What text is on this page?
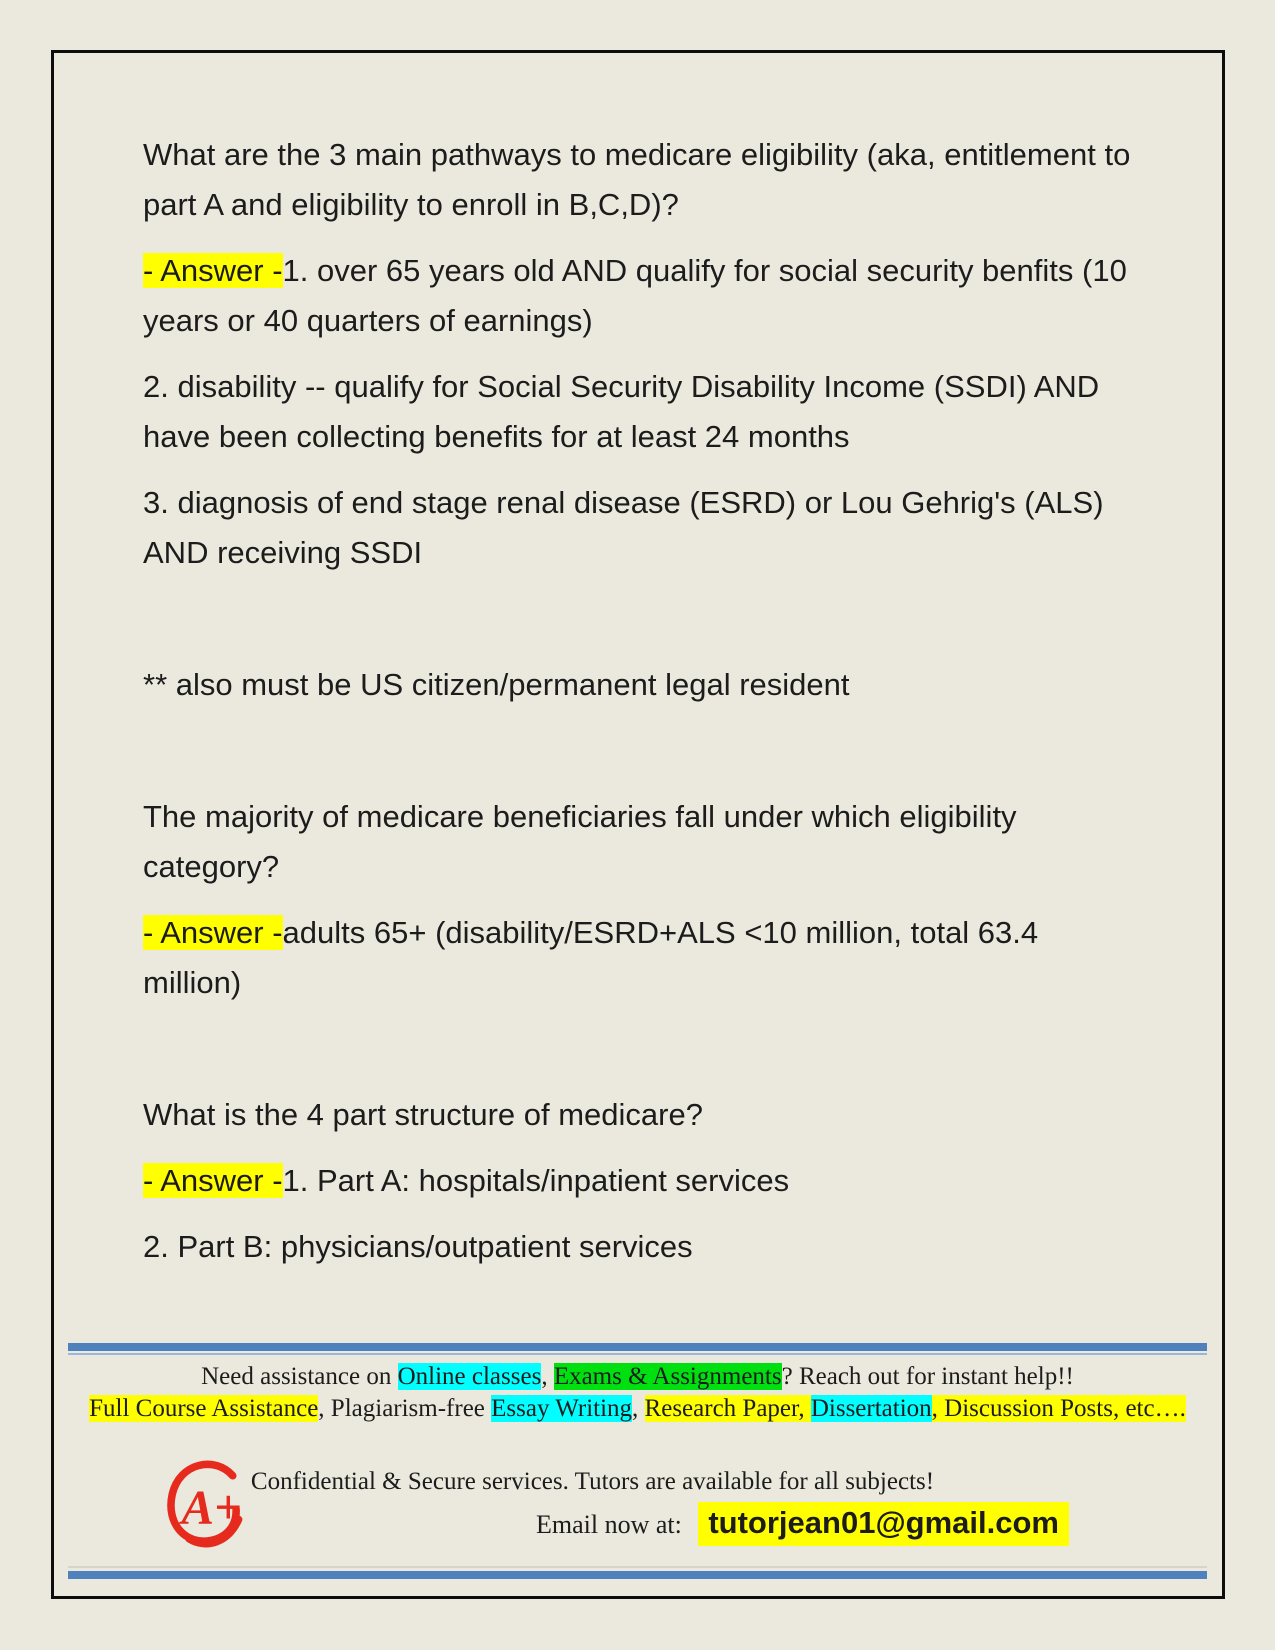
What are the 3 main pathways to medicare eligibility (aka, entitlement to part A and eligibility to enroll in B,C,D)?

- Answer -1. over 65 years old AND qualify for social security benfits (10 years or 40 quarters of earnings)

2. disability -- qualify for Social Security Disability Income (SSDI) AND have been collecting benefits for at least 24 months

3. diagnosis of end stage renal disease (ESRD) or Lou Gehrig's (ALS) AND receiving SSDI

** also must be US citizen/permanent legal resident

The majority of medicare beneficiaries fall under which eligibility category?

- Answer -adults 65+ (disability/ESRD+ALS <10 million, total 63.4 million)

What is the 4 part structure of medicare?

- Answer -1. Part A: hospitals/inpatient services

2. Part B: physicians/outpatient services

Need assistance on Online classes, Exams & Assignments? Reach out for instant help!!
Full Course Assistance, Plagiarism-free Essay Writing, Research Paper, Dissertation, Discussion Posts, etc….
A+ Confidential & Secure services. Tutors are available for all subjects!
Email now at: tutorjean01@gmail.com
